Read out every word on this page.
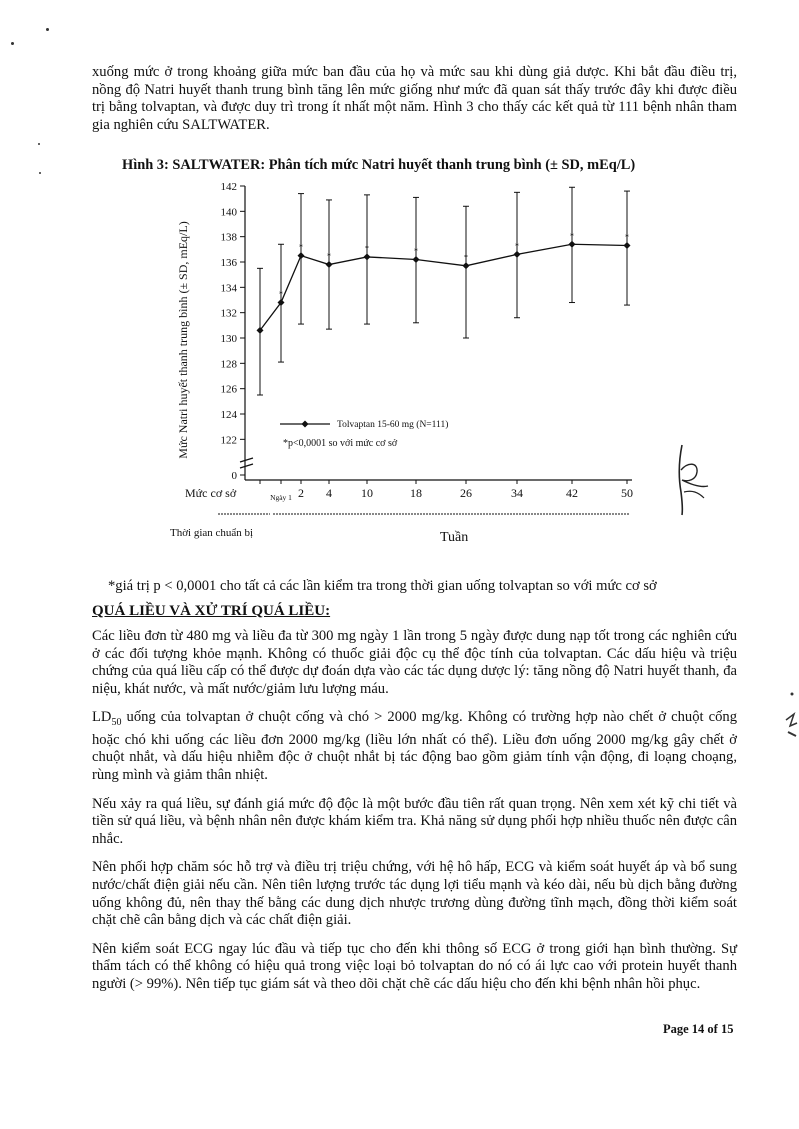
xuống mức ở trong khoảng giữa mức ban đầu của họ và mức sau khi dùng giả dược. Khi bắt đầu điều trị, nồng độ Natri huyết thanh trung bình tăng lên mức giống như mức đã quan sát thấy trước đây khi được điều trị bằng tolvaptan, và được duy trì trong ít nhất một năm. Hình 3 cho thấy các kết quả từ 111 bệnh nhân tham gia nghiên cứu SALTWATER.

Hình 3: SALTWATER: Phân tích mức Natri huyết thanh trung bình (± SD, mEq/L)

Mức Natri huyết thanh trung bình (± SD, mEq/L)
142
140
138
136
134
132
130
128
126
124
122
0
*
*
*
*	*
*
*
*	*
Mức cơ sở	Ngày 1 2 4 10	18	26	34	42	50
Thời gian chuẩn bị	Tuần
Tolvaptan 15-60 mg (N=111)
*p<0,0001 so với mức cơ sở

*giá trị p < 0,0001 cho tất cả các lần kiểm tra trong thời gian uống tolvaptan so với mức cơ sở

QUÁ LIỀU VÀ XỬ TRÍ QUÁ LIỀU:

Các liều đơn từ 480 mg và liều đa từ 300 mg ngày 1 lần trong 5 ngày được dung nạp tốt trong các nghiên cứu ở các đối tượng khỏe mạnh. Không có thuốc giải độc cụ thể độc tính của tolvaptan. Các dấu hiệu và triệu chứng của quá liều cấp có thể được dự đoán dựa vào các tác dụng dược lý: tăng nồng độ Natri huyết thanh, đa niệu, khát nước, và mất nước/giảm lưu lượng máu.

$LD_{50}$ uống của tolvaptan ở chuột cống và chó > 2000 mg/kg. Không có trường hợp nào chết ở chuột cống hoặc chó khi uống các liều đơn 2000 mg/kg (liều lớn nhất có thể). Liều đơn uống 2000 mg/kg gây chết ở chuột nhắt, và dấu hiệu nhiễm độc ở chuột nhắt bị tác động bao gồm giảm tính vận động, đi loạng choạng, rùng mình và giảm thân nhiệt.

Nếu xảy ra quá liều, sự đánh giá mức độ độc là một bước đầu tiên rất quan trọng. Nên xem xét kỹ chi tiết và tiền sử quá liều, và bệnh nhân nên được khám kiểm tra. Khả năng sử dụng phối hợp nhiều thuốc nên được cân nhắc.

Nên phối hợp chăm sóc hỗ trợ và điều trị triệu chứng, với hệ hô hấp, ECG và kiểm soát huyết áp và bổ sung nước/chất điện giải nếu cần. Nên tiên lượng trước tác dụng lợi tiểu mạnh và kéo dài, nếu bù dịch bằng đường uống không đủ, nên thay thế bằng các dung dịch nhược trương dùng đường tĩnh mạch, đồng thời kiểm soát chặt chẽ cân bằng dịch và các chất điện giải.

Nên kiểm soát ECG ngay lúc đầu và tiếp tục cho đến khi thông số ECG ở trong giới hạn bình thường. Sự thẩm tách có thể không có hiệu quả trong việc loại bỏ tolvaptan do nó có ái lực cao với protein huyết thanh người (> 99%). Nên tiếp tục giám sát và theo dõi chặt chẽ các dấu hiệu cho đến khi bệnh nhân hồi phục.

Page 14 of 15
